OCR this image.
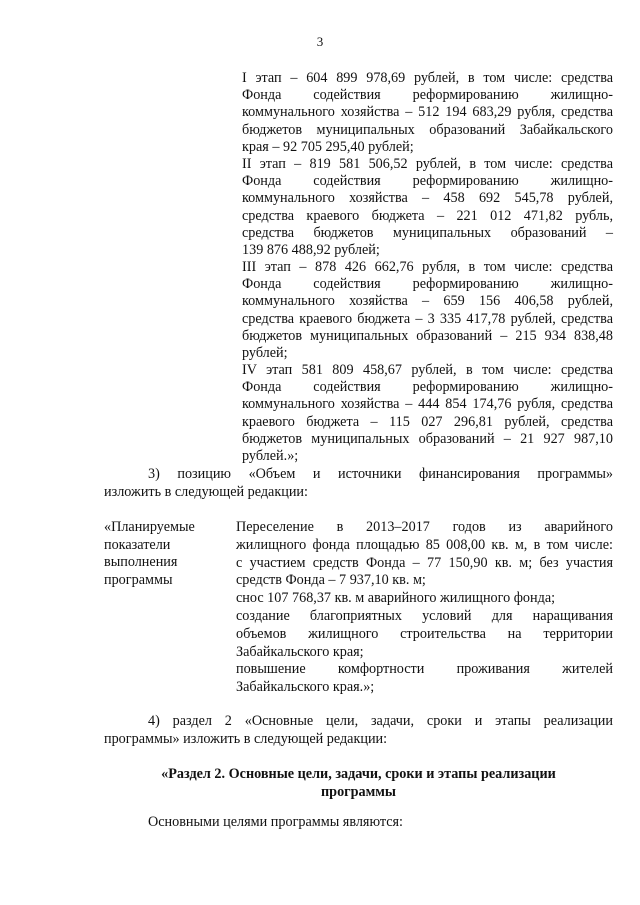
3
I этап – 604 899 978,69 рублей, в том числе: средства
Фонда содействия реформированию жилищно-
коммунального хозяйства – 512 194 683,29 рубля, средства
бюджетов муниципальных образований Забайкальского
края – 92 705 295,40 рублей;
II этап – 819 581 506,52 рублей, в том числе: средства
Фонда содействия реформированию жилищно-
коммунального хозяйства – 458 692 545,78 рублей,
средства краевого бюджета – 221 012 471,82 рубль,
средства бюджетов муниципальных образований –
139 876 488,92 рублей;
III этап – 878 426 662,76 рубля, в том числе: средства
Фонда содействия реформированию жилищно-
коммунального хозяйства – 659 156 406,58 рублей,
средства краевого бюджета – 3 335 417,78 рублей, средства
бюджетов муниципальных образований – 215 934 838,48
рублей;
IV этап 581 809 458,67 рублей, в том числе: средства
Фонда содействия реформированию жилищно-
коммунального хозяйства – 444 854 174,76 рубля, средства
краевого бюджета – 115 027 296,81 рублей, средства
бюджетов муниципальных образований – 21 927 987,10
рублей.»;
3) позицию «Объем и источники финансирования программы»
изложить в следующей редакции:
«Планируемые
показатели
выполнения
программы
Переселение в 2013–2017 годов из аварийного
жилищного фонда площадью 85 008,00 кв. м, в том числе:
с участием средств Фонда – 77 150,90 кв. м; без участия
средств Фонда – 7 937,10 кв. м;
снос 107 768,37 кв. м аварийного жилищного фонда;
создание благоприятных условий для наращивания
объемов жилищного строительства на территории
Забайкальского края;
повышение комфортности проживания жителей
Забайкальского края.»;
4) раздел 2 «Основные цели, задачи, сроки и этапы реализации
программы» изложить в следующей редакции:
«Раздел 2. Основные цели, задачи, сроки и этапы реализации
программы
Основными целями программы являются:
